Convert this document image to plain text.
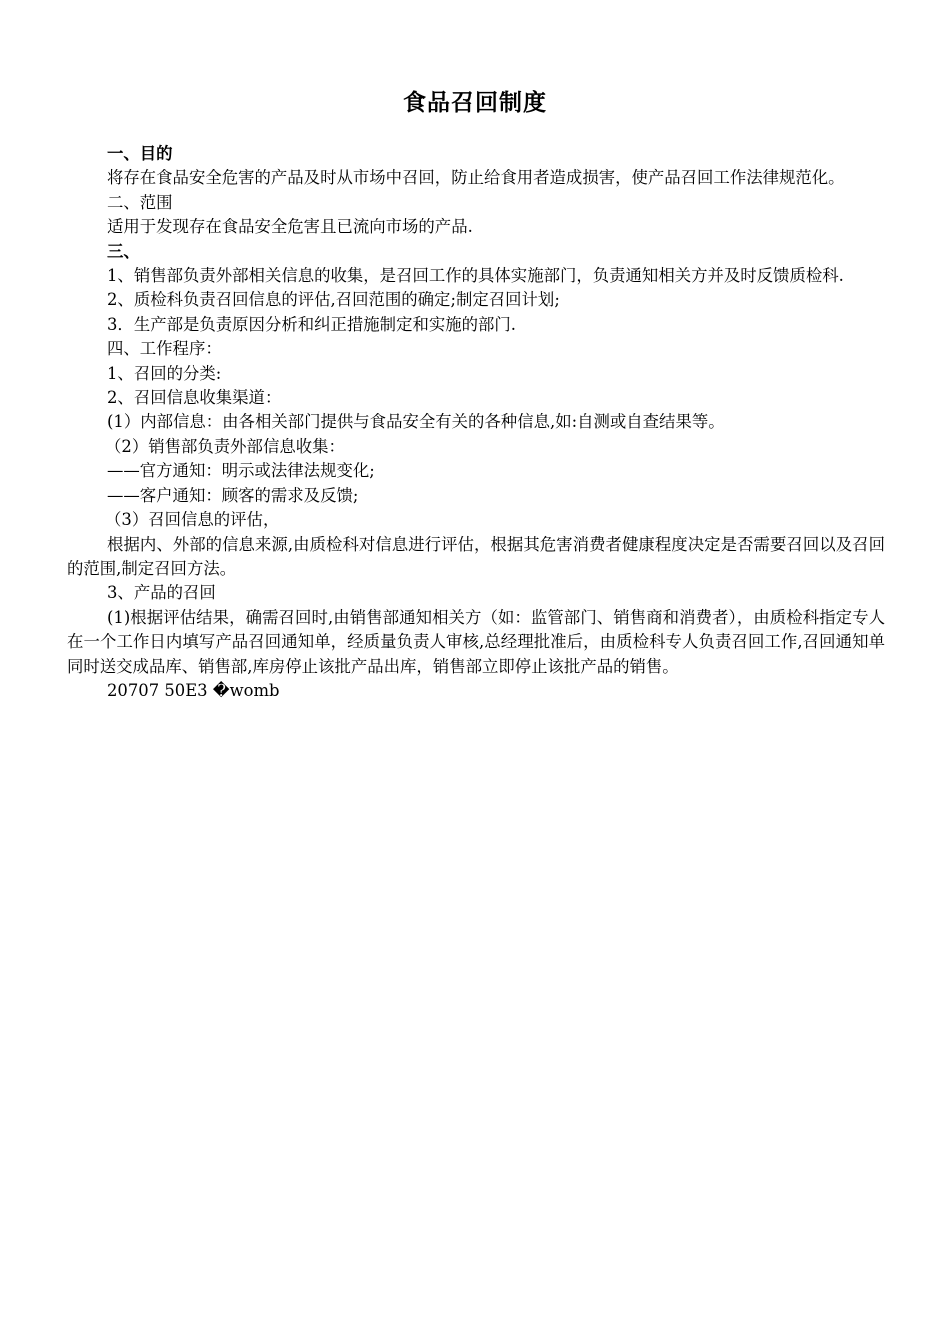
食品召回制度

一、目的

将存在食品安全危害的产品及时从市场中召回，防止给食用者造成损害，使产品召回工作法律规范化。

二、范围

适用于发现存在食品安全危害且已流向市场的产品.

三、

1、销售部负责外部相关信息的收集，是召回工作的具体实施部门，负责通知相关方并及时反馈质检科.

2、质检科负责召回信息的评估,召回范围的确定;制定召回计划;

3．生产部是负责原因分析和纠正措施制定和实施的部门.

四、工作程序：

1、召回的分类:

2、召回信息收集渠道：

(1）内部信息：由各相关部门提供与食品安全有关的各种信息,如:自测或自查结果等。

（2）销售部负责外部信息收集：

——官方通知：明示或法律法规变化;

——客户通知：顾客的需求及反馈;

（3）召回信息的评估，

根据内、外部的信息来源,由质检科对信息进行评估，根据其危害消费者健康程度决定是否需要召回以及召回的范围,制定召回方法。

3、产品的召回

(1)根据评估结果，确需召回时,由销售部通知相关方（如：监管部门、销售商和消费者），由质检科指定专人在一个工作日内填写产品召回通知单，经质量负责人审核,总经理批准后，由质检科专人负责召回工作,召回通知单同时送交成品库、销售部,库房停止该批产品出库，销售部立即停止该批产品的销售。

20707 50E3 �womb
